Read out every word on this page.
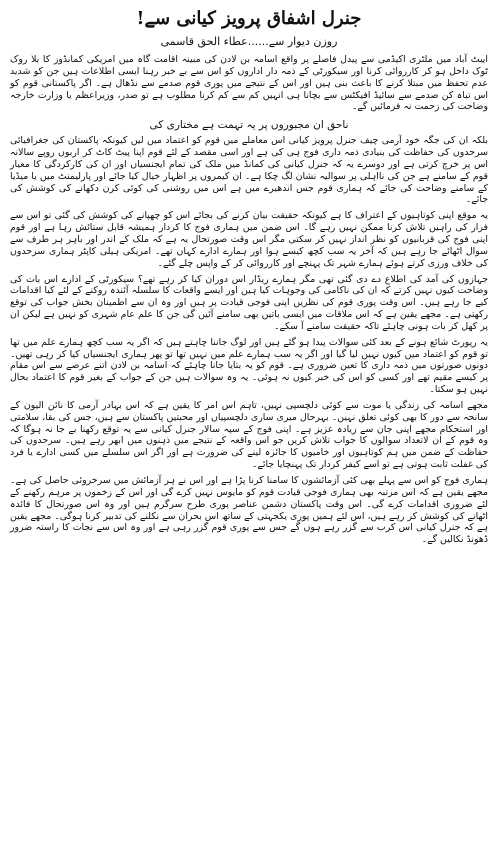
جنرل اشفاق پرویز کیانی سے!
روزن دیوار سے......عطاء الحق قاسمی

ایبٹ آباد میں ملٹری اکیڈمی سے پیدل فاصلے پر واقع اسامہ بن لادن کی مبینہ اقامت گاہ میں امریکی کمانڈوز کا بلا روک ٹوک داخل ہو کر کارروائی کرنا اور سیکورٹی کے ذمہ دار اداروں کو اس سے بے خبر رہنا ایسی اطلاعات ہیں جن کو شدید عدم تحفظ میں مبتلا کرنے کا باعث بنی ہیں اور اس کے نتیجے میں پوری قوم صدمے سے نڈھال ہے۔ اگر پاکستانی قوم کو اس تباہ کن صدمے سے سائیڈ افیکٹس سے بچانا ہی انہیں کم سے کم کرنا مطلوب ہے تو صدر، وزیراعظم یا وزارت خارجہ وضاحت کی زحمت نہ فرمائیں گے۔

ناحق ان مجبوروں پر یہ تہمت ہے مختاری کی

بلکہ ان کی جگہ خود آرمی چیف جنرل پرویز کیانی اس معاملے میں قوم کو اعتماد میں لیں کیونکہ پاکستان کی جغرافیائی سرحدوں کی حفاظت کی بنیادی ذمہ داری فوج ہی کی ہے اور اسی مقصد کے لئے قوم اپنا پیٹ کاٹ کر اربوں روپے سالانہ اس پر خرچ کرتی ہے اور دوسرے یہ کہ جنرل کیانی کی کمانڈ میں ملک کی تمام ایجنسیاں اور ان کی کارکردگی کا معیار قوم کے سامنے ہے جن کی نااہلی پر سوالیہ نشان لگ چکا ہے۔ ان کیمروں پر اظہار خیال کیا جائے اور پارلیمنٹ میں یا میڈیا کے سامنے وضاحت کی جائے کہ ہماری قوم جس اندھیرے میں ہے اس میں روشنی کی کوئی کرن دکھانے کی کوشش کی جائے۔

یہ موقع اپنی کوتاہیوں کے اعتراف کا ہے کیونکہ حقیقت بیان کرنے کی بجائے اس کو چھپانے کی کوشش کی گئی تو اس سے فرار کی راہیں تلاش کرنا ممکن نہیں رہے گا۔ اس ضمن میں ہماری فوج کا کردار ہمیشہ قابل ستائش رہا ہے اور قوم اپنی فوج کی قربانیوں کو نظر انداز نہیں کر سکتی مگر اس وقت صورتحال یہ ہے کہ ملک کے اندر اور باہر ہر طرف سے سوال اٹھائے جا رہے ہیں کہ آخر یہ سب کچھ کیسے ہوا اور ہمارے ادارے کہاں تھے۔ امریکی ہیلی کاپٹر ہماری سرحدوں کی خلاف ورزی کرتے ہوئے ہمارے شہر تک پہنچے اور کارروائی کر کے واپس چلے گئے۔

جہازوں کی آمد کی اطلاع دے دی گئی تھی مگر ہمارے ریڈار اس دوران کیا کر رہے تھے؟ سیکورٹی کے ادارے اس بات کی وضاحت کیوں نہیں کرتے کہ ان کی ناکامی کی وجوہات کیا ہیں اور ایسے واقعات کا سلسلہ آئندہ روکنے کے لئے کیا اقدامات کیے جا رہے ہیں۔ اس وقت پوری قوم کی نظریں اپنی فوجی قیادت پر ہیں اور وہ ان سے اطمینان بخش جواب کی توقع رکھتی ہے۔ مجھے یقین ہے کہ اس ملاقات میں ایسی باتیں بھی سامنے آئیں گی جن کا علم عام شہری کو نہیں ہے لیکن ان پر کھل کر بات ہونی چاہئے تاکہ حقیقت سامنے آ سکے۔

یہ رپورٹ شائع ہونے کے بعد کئی سوالات پیدا ہو گئے ہیں اور لوگ جاننا چاہتے ہیں کہ اگر یہ سب کچھ ہمارے علم میں تھا تو قوم کو اعتماد میں کیوں نہیں لیا گیا اور اگر یہ سب ہمارے علم میں نہیں تھا تو پھر ہماری ایجنسیاں کیا کر رہی تھیں۔ دونوں صورتوں میں ذمہ داری کا تعین ضروری ہے۔ قوم کو یہ بتایا جانا چاہئے کہ اسامہ بن لادن اتنے عرصے سے اس مقام پر کیسے مقیم تھے اور کسی کو اس کی خبر کیوں نہ ہوئی۔ یہ وہ سوالات ہیں جن کے جواب کے بغیر قوم کا اعتماد بحال نہیں ہو سکتا۔

مجھے اسامہ کی زندگی یا موت سے کوئی دلچسپی نہیں، تاہم اس امر کا یقین ہے کہ اس بہادر آرمی کا نائن الیون کے سانحہ سے دور کا بھی کوئی تعلق نہیں۔ بہرحال میری ساری دلچسپیاں اور محبتیں پاکستان سے ہیں، جس کی بقا، سلامتی اور استحکام مجھے اپنی جان سے زیادہ عزیز ہے۔ اپنی فوج کے سپہ سالار جنرل کیانی سے یہ توقع رکھنا بے جا نہ ہوگا کہ وہ قوم کے ان لاتعداد سوالوں کا جواب تلاش کریں جو اس واقعہ کے نتیجے میں ذہنوں میں ابھر رہے ہیں۔ سرحدوں کی حفاظت کے ضمن میں ہم کوتاہیوں اور خامیوں کا جائزہ لینے کی ضرورت ہے اور اگر اس سلسلے میں کسی ادارے یا فرد کی غفلت ثابت ہوتی ہے تو اسے کیفر کردار تک پہنچایا جائے۔

ہماری فوج کو اس سے پہلے بھی کئی آزمائشوں کا سامنا کرنا پڑا ہے اور اس نے ہر آزمائش میں سرخروئی حاصل کی ہے۔ مجھے یقین ہے کہ اس مرتبہ بھی ہماری فوجی قیادت قوم کو مایوس نہیں کرے گی اور اس کے زخموں پر مرہم رکھنے کے لئے ضروری اقدامات کرے گی۔ اس وقت پاکستان دشمن عناصر پوری طرح سرگرم ہیں اور وہ اس صورتحال کا فائدہ اٹھانے کی کوشش کر رہے ہیں، اس لئے ہمیں پوری یکجہتی کے ساتھ اس بحران سے نکلنے کی تدبیر کرنا ہوگی۔ مجھے یقین ہے کہ جنرل کیانی اس کرب سے گزر رہے ہوں گے جس سے پوری قوم گزر رہی ہے اور وہ اس سے نجات کا راستہ ضرور ڈھونڈ نکالیں گے۔
